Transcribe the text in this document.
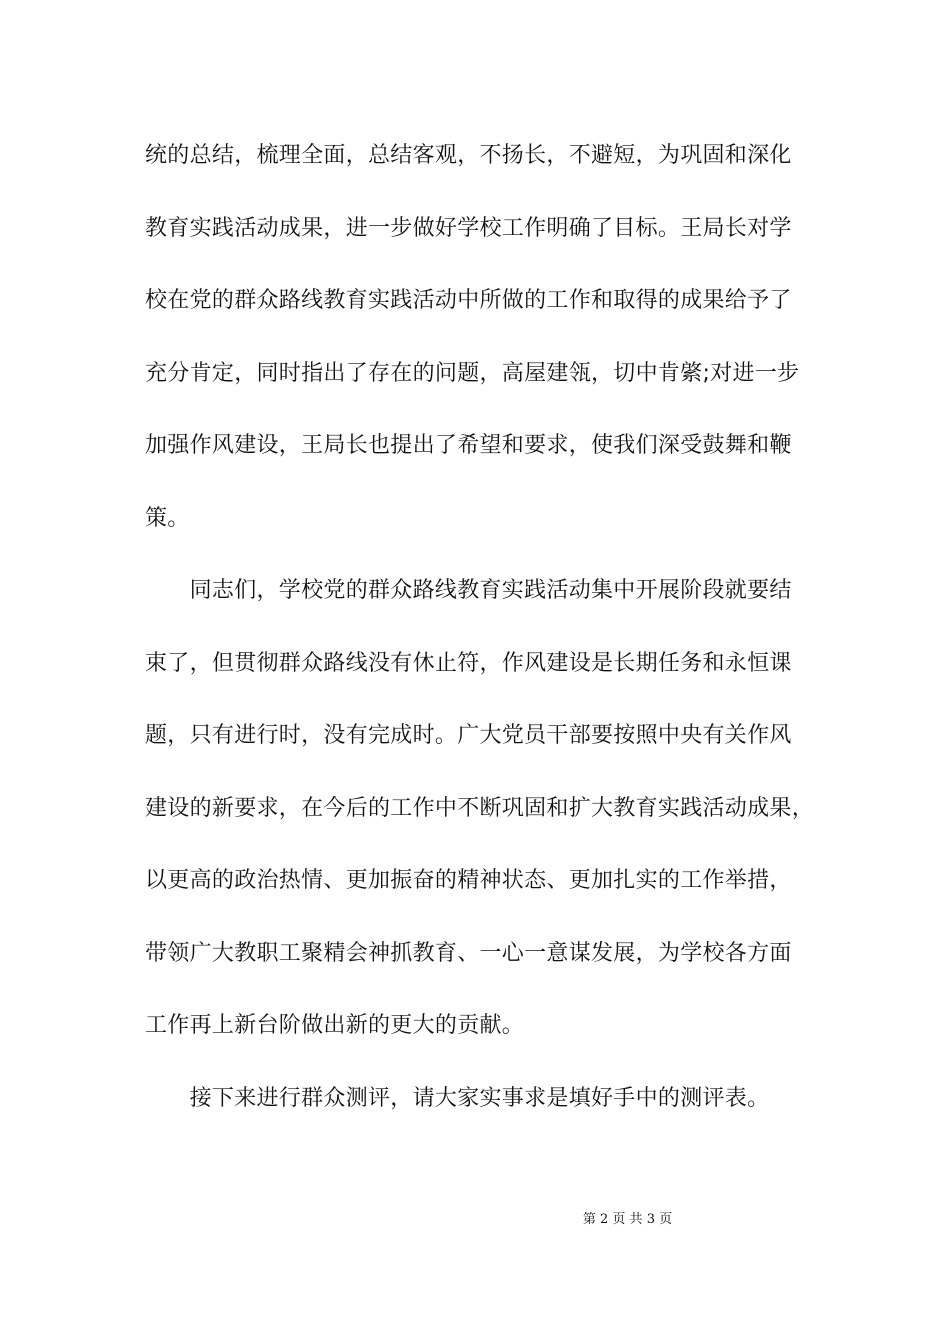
统的总结，梳理全面，总结客观，不扬长，不避短，为巩固和深化
教育实践活动成果，进一步做好学校工作明确了目标。王局长对学
校在党的群众路线教育实践活动中所做的工作和取得的成果给予了
充分肯定，同时指出了存在的问题，高屋建瓴，切中肯綮;对进一步
加强作风建设，王局长也提出了希望和要求，使我们深受鼓舞和鞭
策。
　　同志们，学校党的群众路线教育实践活动集中开展阶段就要结
束了，但贯彻群众路线没有休止符，作风建设是长期任务和永恒课
题，只有进行时，没有完成时。广大党员干部要按照中央有关作风
建设的新要求，在今后的工作中不断巩固和扩大教育实践活动成果，
以更高的政治热情、更加振奋的精神状态、更加扎实的工作举措，
带领广大教职工聚精会神抓教育、一心一意谋发展，为学校各方面
工作再上新台阶做出新的更大的贡献。
　　接下来进行群众测评，请大家实事求是填好手中的测评表。
第 2 页 共 3 页
